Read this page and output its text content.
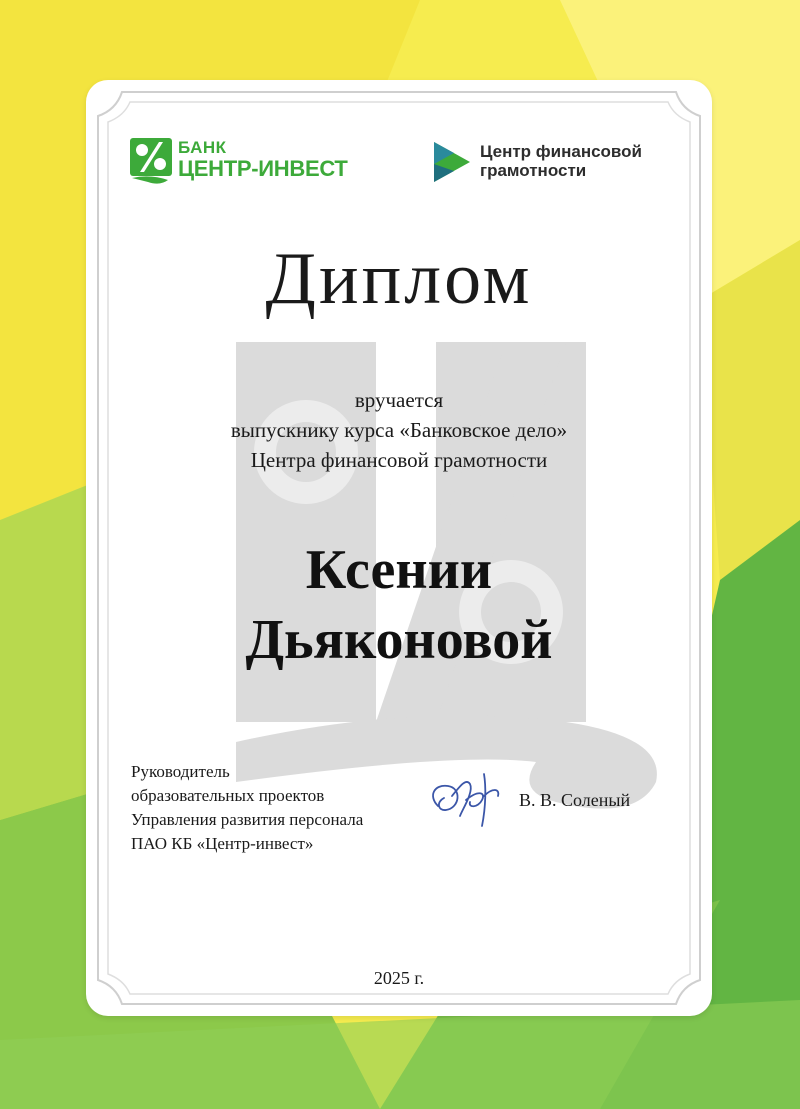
БАНК
ЦЕНТР-ИНВЕСТ
Центр финансовой
грамотности
Диплом
вручается
выпускнику курса «Банковское дело»
Центра финансовой грамотности
Ксении
Дьяконовой
Руководитель
образовательных проектов
Управления развития персонала
ПАО КБ «Центр-инвест»
В. В. Соленый
2025 г.
